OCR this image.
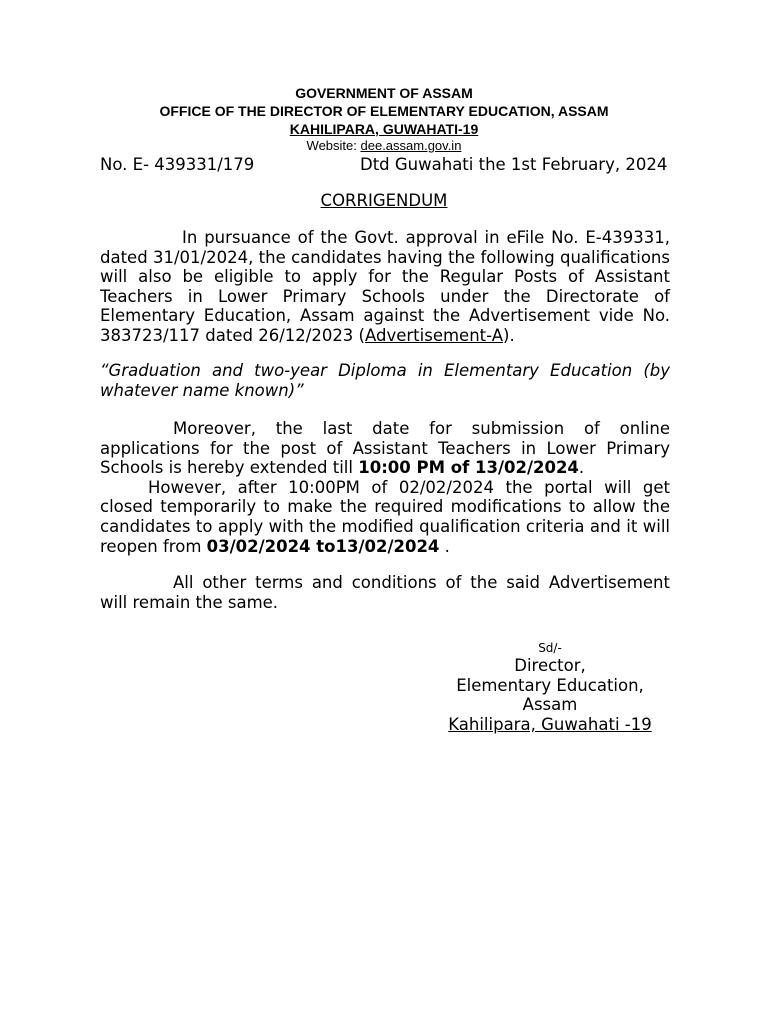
GOVERNMENT OF ASSAM
OFFICE OF THE DIRECTOR OF ELEMENTARY EDUCATION, ASSAM
KAHILIPARA, GUWAHATI-19
Website: dee.assam.gov.in
No. E- 439331/179	Dtd Guwahati the 1st February, 2024
CORRIGENDUM
In pursuance of the Govt. approval in eFile No. E-439331, dated 31/01/2024, the candidates having the following qualifications will also be eligible to apply for the Regular Posts of Assistant Teachers in Lower Primary Schools under the Directorate of Elementary Education, Assam against the Advertisement vide No. 383723/117 dated 26/12/2023 (Advertisement-A).
“Graduation and two-year Diploma in Elementary Education (by whatever name known)”
Moreover, the last date for submission of online applications for the post of Assistant Teachers in Lower Primary Schools is hereby extended till 10:00 PM of 13/02/2024.
However, after 10:00PM of 02/02/2024 the portal will get closed temporarily to make the required modifications to allow the candidates to apply with the modified qualification criteria and it will reopen from 03/02/2024 to13/02/2024 .
All other terms and conditions of the said Advertisement will remain the same.
Sd/-
Director,
Elementary Education,
Assam
Kahilipara, Guwahati -19
